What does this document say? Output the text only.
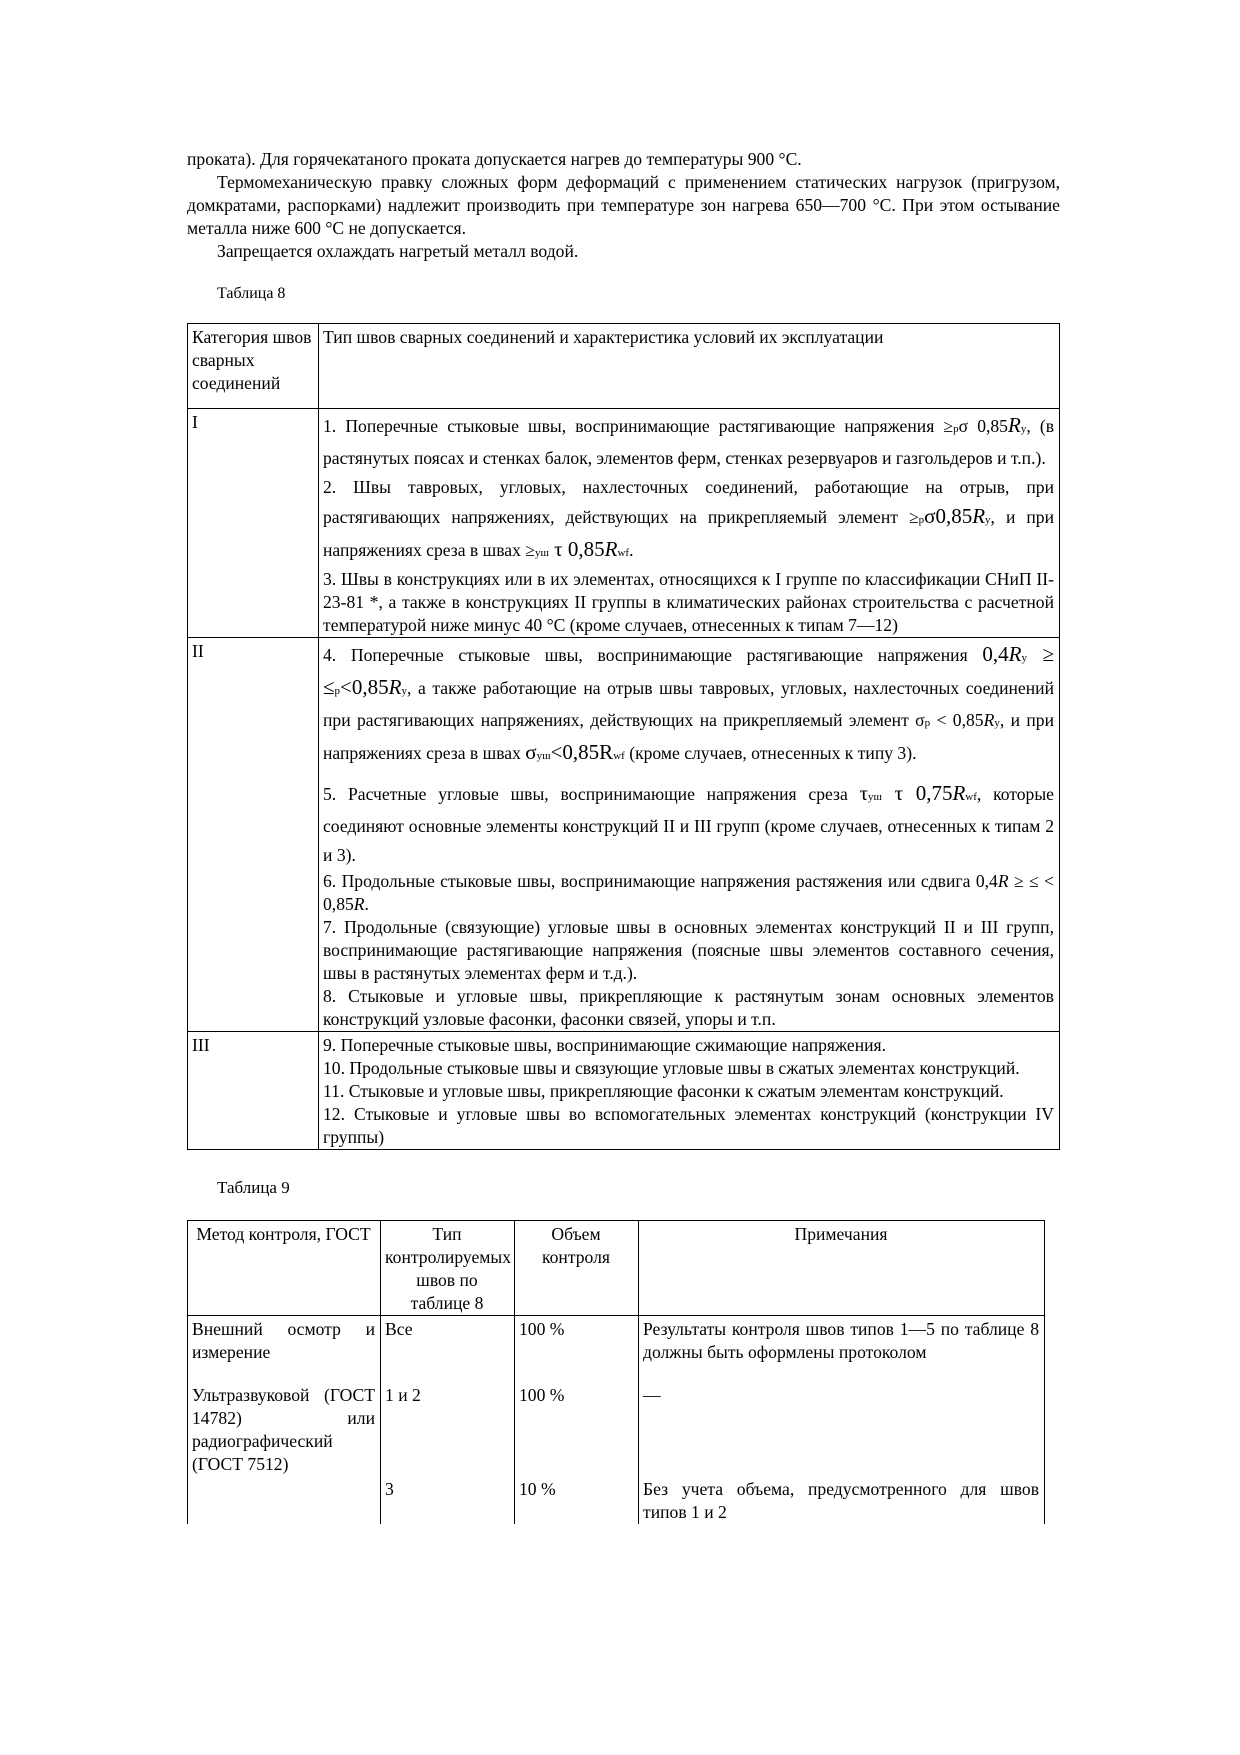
проката). Для горячекатаного проката допускается нагрев до температуры 900 °С.

Термомеханическую правку сложных форм деформаций с применением статических нагрузок (пригрузом, домкратами, распорками) надлежит производить при температуре зон нагрева 650—700 °С. При этом остывание металла ниже 600 °С не допускается.

Запрещается охлаждать нагретый металл водой.

Таблица 8

Категория швов сварных соединений	Тип швов сварных соединений и характеристика условий их эксплуатации
I	1. Поперечные стыковые швы, воспринимающие растягивающие напряжения ≥рσ 0,85Ry, (в растянутых поясах и стенках балок, элементов ферм, стенках резервуаров и газгольдеров и т.п.).

2. Швы тавровых, угловых, нахлесточных соединений, работающие на отрыв, при растягивающих напряжениях, действующих на прикрепляемый элемент ≥рσ0,85Rу, и при напряжениях среза в швах ≥уш τ 0,85Rwf.

3. Швы в конструкциях или в их элементах, относящихся к I группе по классификации СНиП II-23-81 *, а также в конструкциях II группы в климатических районах строительства с расчетной температурой ниже минус 40 °С (кроме случаев, отнесенных к типам 7—12)

II	4. Поперечные стыковые швы, воспринимающие растягивающие напряжения 0,4Rу ≥ ≤р<0,85Rу, а также работающие на отрыв швы тавровых, угловых, нахлесточных соединений при растягивающих напряжениях, действующих на прикрепляемый элемент σр < 0,85Rу, и при напряжениях среза в швах σуш<0,85Rwf (кроме случаев, отнесенных к типу 3).

5. Расчетные угловые швы, воспринимающие напряжения среза τуш τ 0,75Rwf, которые соединяют основные элементы конструкций II и III групп (кроме случаев, отнесенных к типам 2 и 3).

6. Продольные стыковые швы, воспринимающие напряжения растяжения или сдвига 0,4R ≥ ≤ < 0,85R.

7. Продольные (связующие) угловые швы в основных элементах конструкций II и III групп, воспринимающие растягивающие напряжения (поясные швы элементов составного сечения, швы в растянутых элементах ферм и т.д.).

8. Стыковые и угловые швы, прикрепляющие к растянутым зонам основных элементов конструкций узловые фасонки, фасонки связей, упоры и т.п.

III	9. Поперечные стыковые швы, воспринимающие сжимающие напряжения.

10. Продольные стыковые швы и связующие угловые швы в сжатых элементах конструкций.

11. Стыковые и угловые швы, прикрепляющие фасонки к сжатым элементам конструкций.

12. Стыковые и угловые швы во вспомогательных элементах конструкций (конструкции IV группы)

Таблица 9

Метод контроля, ГОСТ	Тип контролируемых швов по таблице 8	Объем контроля	Примечания
Внешний осмотр и измерение	Все	100 %	Результаты контроля швов типов 1—5 по таблице 8 должны быть оформлены протоколом
Ультразвуковой (ГОСТ 14782) или радиографический (ГОСТ 7512)	1 и 2	100 %	—
	3	10 %	Без учета объема, предусмотренного для швов типов 1 и 2
